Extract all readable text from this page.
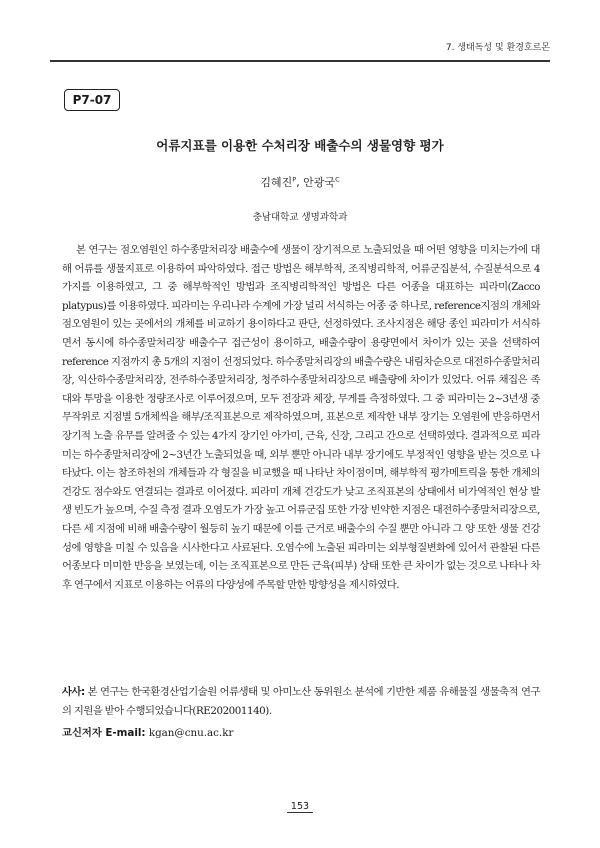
7. 생태독성 및 환경호르몬
P7-07
어류지표를 이용한 수처리장 배출수의 생물영향 평가
김혜진$^P$, 안광국$^C$
충남대학교 생명과학과
본 연구는 점오염원인 하수종말처리장 배출수에 생물이 장기적으로 노출되었을 때 어떤 영향을 미치는가에 대해 어류를 생물지표로 이용하여 파악하였다. 접근 방법은 해부학적, 조직병리학적, 어류군집분석, 수질분석으로 4가지를 이용하였고, 그 중 해부학적인 방법과 조직병리학적인 방법은 다른 어종을 대표하는 피라미(Zacco platypus)를 이용하였다. 피라미는 우리나라 수계에 가장 널리 서식하는 어종 중 하나로, reference지점의 개체와 점오염원이 있는 곳에서의 개체를 비교하기 용이하다고 판단, 선정하였다. 조사지점은 해당 종인 피라미가 서식하면서 동시에 하수종말처리장 배출수구 접근성이 용이하고, 배출수량이 용량면에서 차이가 있는 곳을 선택하여 reference 지점까지 총 5개의 지점이 선정되었다. 하수종말처리장의 배출수량은 내림차순으로 대전하수종말처리장, 익산하수종말처리장, 전주하수종말처리장, 청주하수종말처리장으로 배출량에 차이가 있었다. 어류 채집은 족대와 투망을 이용한 정량조사로 이루어졌으며, 모두 전장과 체장, 무게를 측정하였다. 그 중 피라미는 2~3년생 중 무작위로 지점별 5개체씩을 해부/조직표본으로 제작하였으며, 표본으로 제작한 내부 장기는 오염원에 반응하면서 장기적 노출 유무를 알려줄 수 있는 4가지 장기인 아가미, 근육, 신장, 그리고 간으로 선택하였다. 결과적으로 피라미는 하수종말처리장에 2~3년간 노출되었을 때, 외부 뿐만 아니라 내부 장기에도 부정적인 영향을 받는 것으로 나타났다. 이는 참조하천의 개체들과 각 형질을 비교했을 때 나타난 차이점이며, 해부학적 평가메트릭을 통한 개체의 건강도 점수와도 연결되는 결과로 이어졌다. 피라미 개체 건강도가 낮고 조직표본의 상태에서 비가역적인 현상 발생 빈도가 높으며, 수질 측정 결과 오염도가 가장 높고 어류군집 또한 가장 빈약한 지점은 대전하수종말처리장으로, 다른 세 지점에 비해 배출수량이 월등히 높기 때문에 이를 근거로 배출수의 수질 뿐만 아니라 그 양 또한 생물 건강성에 영향을 미칠 수 있음을 시사한다고 사료된다. 오염수에 노출된 피라미는 외부형질변화에 있어서 관찰된 다른 어종보다 미미한 반응을 보였는데, 이는 조직표본으로 만든 근육(피부) 상태 또한 큰 차이가 없는 것으로 나타나 차후 연구에서 지표로 이용하는 어류의 다양성에 주목할 만한 방향성을 제시하였다.
사사: 본 연구는 한국환경산업기술원 어류생태 및 아미노산 동위원소 분석에 기반한 제품 유해물질 생물축적 연구의 지원을 받아 수행되었습니다(RE202001140).
교신저자 E-mail: kgan@cnu.ac.kr
153
